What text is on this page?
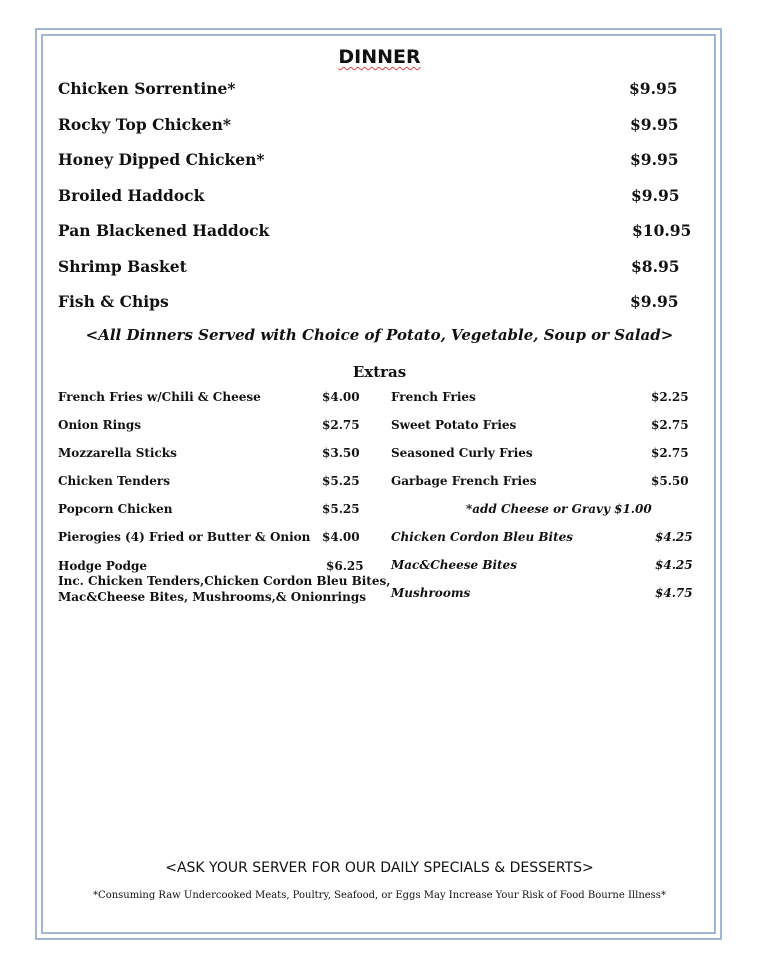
DINNER
Chicken Sorrentine*	$9.95
Rocky Top Chicken*	$9.95
Honey Dipped Chicken*	$9.95
Broiled Haddock	$9.95
Pan Blackened Haddock	$10.95
Shrimp Basket	$8.95
Fish & Chips	$9.95
<All Dinners Served with Choice of Potato, Vegetable, Soup or Salad>
Extras
French Fries w/Chili & Cheese	$4.00
Onion Rings	$2.75
Mozzarella Sticks	$3.50
Chicken Tenders	$5.25
Popcorn Chicken	$5.25
Pierogies (4) Fried or Butter & Onion $4.00
Hodge Podge	$6.25
Inc. Chicken Tenders,Chicken Cordon Bleu Bites,
Mac&Cheese Bites, Mushrooms,& Onionrings
French Fries	$2.25
Sweet Potato Fries	$2.75
Seasoned Curly Fries	$2.75
Garbage French Fries	$5.50
*add Cheese or Gravy $1.00
Chicken Cordon Bleu Bites	$4.25
Mac&Cheese Bites	$4.25
Mushrooms	$4.75
<ASK YOUR SERVER FOR OUR DAILY SPECIALS & DESSERTS>
*Consuming Raw Undercooked Meats, Poultry, Seafood, or Eggs May Increase Your Risk of Food Bourne Illness*
